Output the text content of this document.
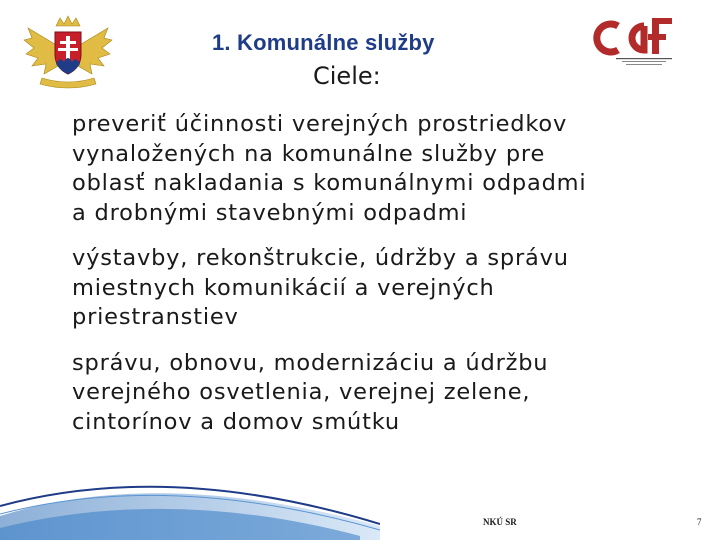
1. Komunálne služby
Ciele:
preveriť účinnosti verejných prostriedkov
vynaložených na komunálne služby pre
oblasť nakladania s komunálnymi odpadmi
a drobnými stavebnými odpadmi
výstavby, rekonštrukcie, údržby a správu
miestnych komunikácií a verejných
priestranstiev
správu, obnovu, modernizáciu a údržbu
verejného osvetlenia, verejnej zelene,
cintorínov a domov smútku
NKÚ SR	7
